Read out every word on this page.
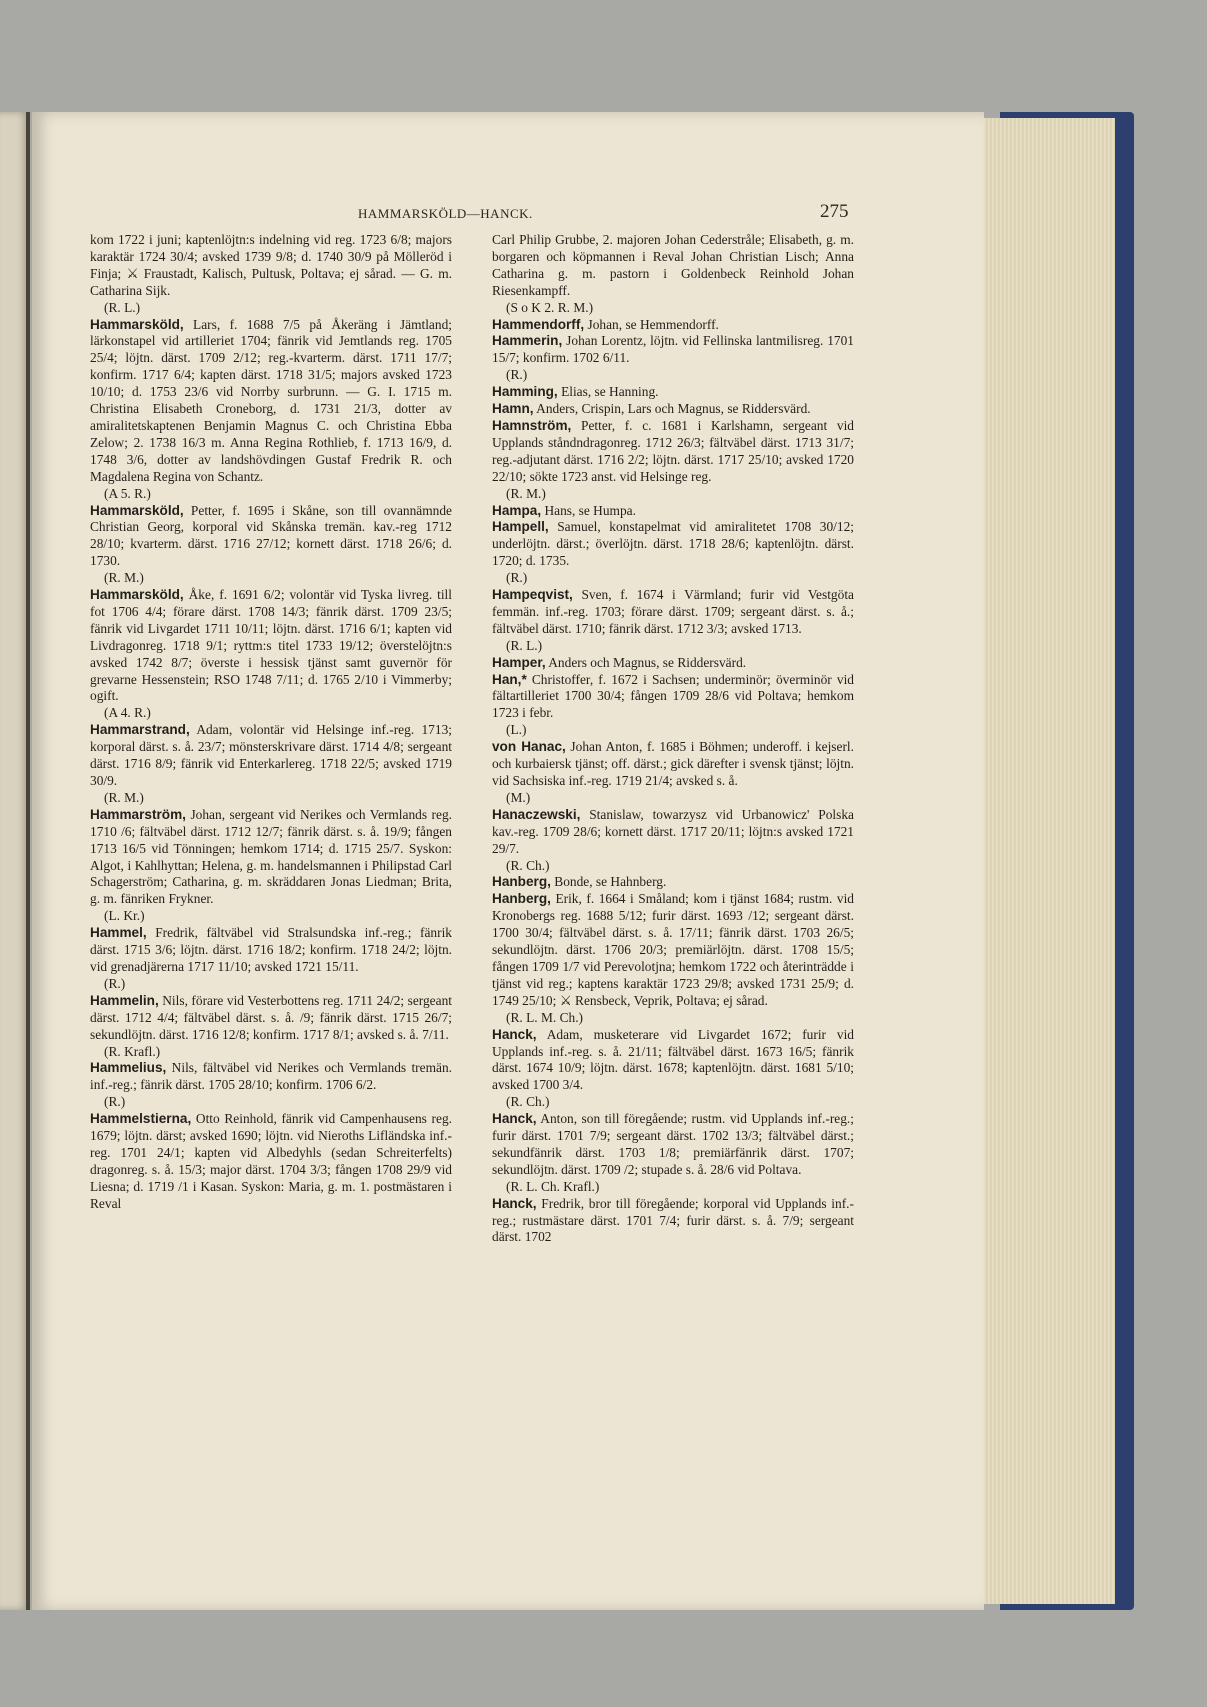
HAMMARSKÖLD—HANCK.	275

kom 1722 i juni; kaptenlöjtn:s indelning vid reg. 1723 6/8; majors karaktär 1724 30/4; avsked 1739 9/8; d. 1740 30/9 på Mölleröd i Finja; ⚔ Fraustadt, Kalisch, Pultusk, Poltava; ej sårad. — G. m. Catharina Sijk.
(R. L.)

Hammarsköld, Lars, f. 1688 7/5 på Åkeräng i Jämtland; lärkonstapel vid artilleriet 1704; fänrik vid Jemtlands reg. 1705 25/4; löjtn. därst. 1709 2/12; reg.-kvarterm. därst. 1711 17/7; konfirm. 1717 6/4; kapten därst. 1718 31/5; majors avsked 1723 10/10; d. 1753 23/6 vid Norrby surbrunn. — G. I. 1715 m. Christina Elisabeth Croneborg, d. 1731 21/3, dotter av amiralitetskaptenen Benjamin Magnus C. och Christina Ebba Zelow; 2. 1738 16/3 m. Anna Regina Rothlieb, f. 1713 16/9, d. 1748 3/6, dotter av landshövdingen Gustaf Fredrik R. och Magdalena Regina von Schantz.
(A 5. R.)

Hammarsköld, Petter, f. 1695 i Skåne, son till ovannämnde Christian Georg, korporal vid Skånska tremän. kav.-reg 1712 28/10; kvarterm. därst. 1716 27/12; kornett därst. 1718 26/6; d. 1730.
(R. M.)

Hammarsköld, Åke, f. 1691 6/2; volontär vid Tyska livreg. till fot 1706 4/4; förare därst. 1708 14/3; fänrik därst. 1709 23/5; fänrik vid Livgardet 1711 10/11; löjtn. därst. 1716 6/1; kapten vid Livdragonreg. 1718 9/1; ryttm:s titel 1733 19/12; överstelöjtn:s avsked 1742 8/7; överste i hessisk tjänst samt guvernör för grevarne Hessenstein; RSO 1748 7/11; d. 1765 2/10 i Vimmerby; ogift.
(A 4. R.)

Hammarstrand, Adam, volontär vid Helsinge inf.-reg. 1713; korporal därst. s. å. 23/7; mönsterskrivare därst. 1714 4/8; sergeant därst. 1716 8/9; fänrik vid Enterkarlereg. 1718 22/5; avsked 1719 30/9.
(R. M.)

Hammarström, Johan, sergeant vid Nerikes och Vermlands reg. 1710 /6; fältväbel därst. 1712 12/7; fänrik därst. s. å. 19/9; fången 1713 16/5 vid Tönningen; hemkom 1714; d. 1715 25/7. Syskon: Algot, i Kahlhyttan; Helena, g. m. handelsmannen i Philipstad Carl Schagerström; Catharina, g. m. skräddaren Jonas Liedman; Brita, g. m. fänriken Frykner.
(L. Kr.)

Hammel, Fredrik, fältväbel vid Stralsundska inf.-reg.; fänrik därst. 1715 3/6; löjtn. därst. 1716 18/2; konfirm. 1718 24/2; löjtn. vid grenadjärerna 1717 11/10; avsked 1721 15/11.
(R.)

Hammelin, Nils, förare vid Vesterbottens reg. 1711 24/2; sergeant därst. 1712 4/4; fältväbel därst. s. å. /9; fänrik därst. 1715 26/7; sekundlöjtn. därst. 1716 12/8; konfirm. 1717 8/1; avsked s. å. 7/11.
(R. Krafl.)

Hammelius, Nils, fältväbel vid Nerikes och Vermlands tremän. inf.-reg.; fänrik därst. 1705 28/10; konfirm. 1706 6/2.
(R.)

Hammelstierna, Otto Reinhold, fänrik vid Campenhausens reg. 1679; löjtn. därst; avsked 1690; löjtn. vid Nieroths Lifländska inf.-reg. 1701 24/1; kapten vid Albedyhls (sedan Schreiterfelts) dragonreg. s. å. 15/3; major därst. 1704 3/3; fången 1708 29/9 vid Liesna; d. 1719 /1 i Kasan. Syskon: Maria, g. m. 1. postmästaren i Reval

Carl Philip Grubbe, 2. majoren Johan Cederstråle; Elisabeth, g. m. borgaren och köpmannen i Reval Johan Christian Lisch; Anna Catharina g. m. pastorn i Goldenbeck Reinhold Johan Riesenkampff.
(S o K 2. R. M.)

Hammendorff, Johan, se Hemmendorff.

Hammerin, Johan Lorentz, löjtn. vid Fellinska lantmilisreg. 1701 15/7; konfirm. 1702 6/11.
(R.)

Hamming, Elias, se Hanning.

Hamn, Anders, Crispin, Lars och Magnus, se Riddersvärd.

Hamnström, Petter, f. c. 1681 i Karlshamn, sergeant vid Upplands ståndndragonreg. 1712 26/3; fältväbel därst. 1713 31/7; reg.-adjutant därst. 1716 2/2; löjtn. därst. 1717 25/10; avsked 1720 22/10; sökte 1723 anst. vid Helsinge reg.
(R. M.)

Hampa, Hans, se Humpa.

Hampell, Samuel, konstapelmat vid amiralitetet 1708 30/12; underlöjtn. därst.; överlöjtn. därst. 1718 28/6; kaptenlöjtn. därst. 1720; d. 1735.
(R.)

Hampeqvist, Sven, f. 1674 i Värmland; furir vid Vestgöta femmän. inf.-reg. 1703; förare därst. 1709; sergeant därst. s. å.; fältväbel därst. 1710; fänrik därst. 1712 3/3; avsked 1713.
(R. L.)

Hamper, Anders och Magnus, se Riddersvärd.

Han,* Christoffer, f. 1672 i Sachsen; underminör; överminör vid fältartilleriet 1700 30/4; fången 1709 28/6 vid Poltava; hemkom 1723 i febr.
(L.)

von Hanac, Johan Anton, f. 1685 i Böhmen; underoff. i kejserl. och kurbaiersk tjänst; off. därst.; gick därefter i svensk tjänst; löjtn. vid Sachsiska inf.-reg. 1719 21/4; avsked s. å.
(M.)

Hanaczewski, Stanislaw, towarzysz vid Urbanowicz' Polska kav.-reg. 1709 28/6; kornett därst. 1717 20/11; löjtn:s avsked 1721 29/7.
(R. Ch.)

Hanberg, Bonde, se Hahnberg.

Hanberg, Erik, f. 1664 i Småland; kom i tjänst 1684; rustm. vid Kronobergs reg. 1688 5/12; furir därst. 1693 /12; sergeant därst. 1700 30/4; fältväbel därst. s. å. 17/11; fänrik därst. 1703 26/5; sekundlöjtn. därst. 1706 20/3; premiärlöjtn. därst. 1708 15/5; fången 1709 1/7 vid Perevolotjna; hemkom 1722 och återinträdde i tjänst vid reg.; kaptens karaktär 1723 29/8; avsked 1731 25/9; d. 1749 25/10; ⚔ Rensbeck, Veprik, Poltava; ej sårad.
(R. L. M. Ch.)

Hanck, Adam, musketerare vid Livgardet 1672; furir vid Upplands inf.-reg. s. å. 21/11; fältväbel därst. 1673 16/5; fänrik därst. 1674 10/9; löjtn. därst. 1678; kaptenlöjtn. därst. 1681 5/10; avsked 1700 3/4.
(R. Ch.)

Hanck, Anton, son till föregående; rustm. vid Upplands inf.-reg.; furir därst. 1701 7/9; sergeant därst. 1702 13/3; fältväbel därst.; sekundfänrik därst. 1703 1/8; premiärfänrik därst. 1707; sekundlöjtn. därst. 1709 /2; stupade s. å. 28/6 vid Poltava.
(R. L. Ch. Krafl.)

Hanck, Fredrik, bror till föregående; korporal vid Upplands inf.-reg.; rustmästare därst. 1701 7/4; furir därst. s. å. 7/9; sergeant därst. 1702
